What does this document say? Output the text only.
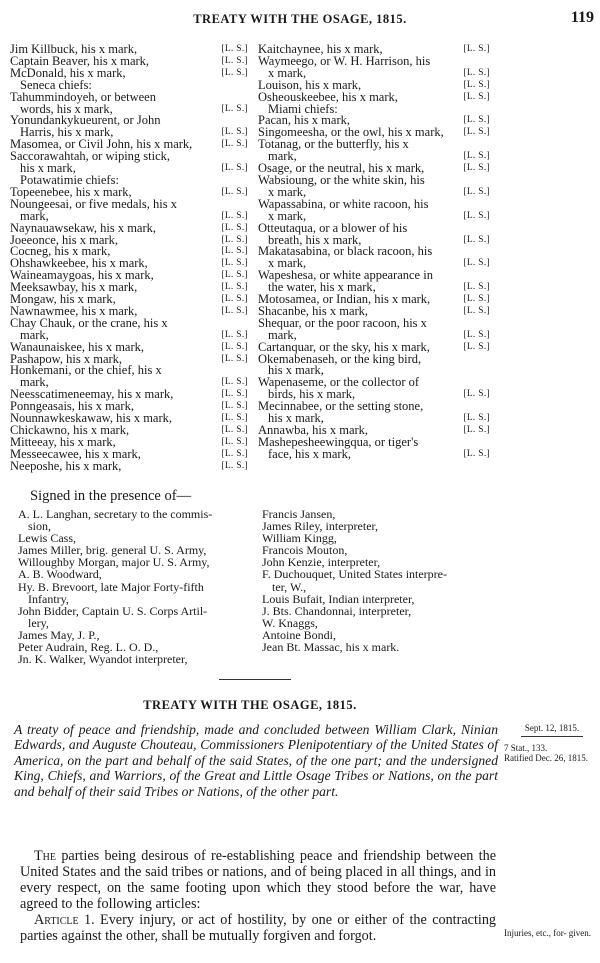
TREATY WITH THE OSAGE, 1815.	119
Jim Killbuck, his x mark,	[L. S.]
Captain Beaver, his x mark,	[L. S.]
McDonald, his x mark,	[L. S.]
Seneca chiefs:
Tahummindoyeh, or between
words, his x mark,	[L. S.]
Yonundankykueurent, or John
Harris, his x mark,	[L. S.]
Masomea, or Civil John, his x mark,	[L. S.]
Saccorawahtah, or wiping stick,
his x mark,	[L. S.]
Potawatimie chiefs:
Topeenebee, his x mark,	[L. S.]
Noungeesai, or five medals, his x
mark,	[L. S.]
Naynauawsekaw, his x mark,	[L. S.]
Joeeonce, his x mark,	[L. S.]
Cocneg, his x mark,	[L. S.]
Ohshawkeebee, his x mark,	[L. S.]
Waineamaygoas, his x mark,	[L. S.]
Meeksawbay, his x mark,	[L. S.]
Mongaw, his x mark,	[L. S.]
Nawnawmee, his x mark,	[L. S.]
Chay Chauk, or the crane, his x
mark,	[L. S.]
Wanaunaiskee, his x mark,	[L. S.]
Pashapow, his x mark,	[L. S.]
Honkemani, or the chief, his x
mark,	[L. S.]
Neesscatimeneemay, his x mark,	[L. S.]
Ponngeasais, his x mark,	[L. S.]
Nounnawkeskawaw, his x mark,	[L. S.]
Chickawno, his x mark,	[L. S.]
Mitteeay, his x mark,	[L. S.]
Messeecawee, his x mark,	[L. S.]
Neeposhe, his x mark,	[L. S.]
Kaitchaynee, his x mark,	[L. S.]
Waymeego, or W. H. Harrison, his
x mark,	[L. S.]
Louison, his x mark,	[L. S.]
Osheouskeebee, his x mark,	[L. S.]
Miami chiefs:
Pacan, his x mark,	[L. S.]
Singomeesha, or the owl, his x mark,	[L. S.]
Totanag, or the butterfly, his x
mark,	[L. S.]
Osage, or the neutral, his x mark,	[L. S.]
Wabsioung, or the white skin, his
x mark,	[L. S.]
Wapassabina, or white racoon, his
x mark,	[L. S.]
Otteutaqua, or a blower of his
breath, his x mark,	[L. S.]
Makatasabina, or black racoon, his
x mark,	[L. S.]
Wapeshesa, or white appearance in
the water, his x mark,	[L. S.]
Motosamea, or Indian, his x mark,	[L. S.]
Shacanbe, his x mark,	[L. S.]
Shequar, or the poor racoon, his x
mark,	[L. S.]
Cartanquar, or the sky, his x mark,	[L. S.]
Okemabenaseh, or the king bird,
his x mark,
Wapenaseme, or the collector of
birds, his x mark,	[L. S.]
Mecinnabee, or the setting stone,
his x mark,	[L. S.]
Annawba, his x mark,	[L. S.]
Mashepesheewingqua, or tiger's
face, his x mark,	[L. S.]
Signed in the presence of—
A. L. Langhan, secretary to the commis-
sion,
Lewis Cass,
James Miller, brig. general U. S. Army,
Willoughby Morgan, major U. S. Army,
A. B. Woodward,
Hy. B. Brevoort, late Major Forty-fifth
Infantry,
John Bidder, Captain U. S. Corps Artil-
lery,
James May, J. P.,
Peter Audrain, Reg. L. O. D.,
Jn. K. Walker, Wyandot interpreter,
Francis Jansen,
James Riley, interpreter,
William Kingg,
Francois Mouton,
John Kenzie, interpreter,
F. Duchouquet, United States interpre-
ter, W.,
Louis Bufait, Indian interpreter,
J. Bts. Chandonnai, interpreter,
W. Knaggs,
Antoine Bondi,
Jean Bt. Massac, his x mark.
TREATY WITH THE OSAGE, 1815.
A treaty of peace and friendship, made and concluded between William Clark, Ninian Edwards, and Auguste Chouteau, Commissioners Plenipotentiary of the United States of America, on the part and behalf of the said States, of the one part; and the undersigned King, Chiefs, and Warriors, of the Great and Little Osage Tribes or Nations, on the part and behalf of their said Tribes or Nations, of the other part.
Sept. 12, 1815.
7 Stat., 133.
Ratified Dec. 26, 1815.
Injuries, etc., for- given.

The parties being desirous of re-establishing peace and friendship between the United States and the said tribes or nations, and of being placed in all things, and in every respect, on the same footing upon which they stood before the war, have agreed to the following articles:

Article 1. Every injury, or act of hostility, by one or either of the contracting parties against the other, shall be mutually forgiven and forgot.
